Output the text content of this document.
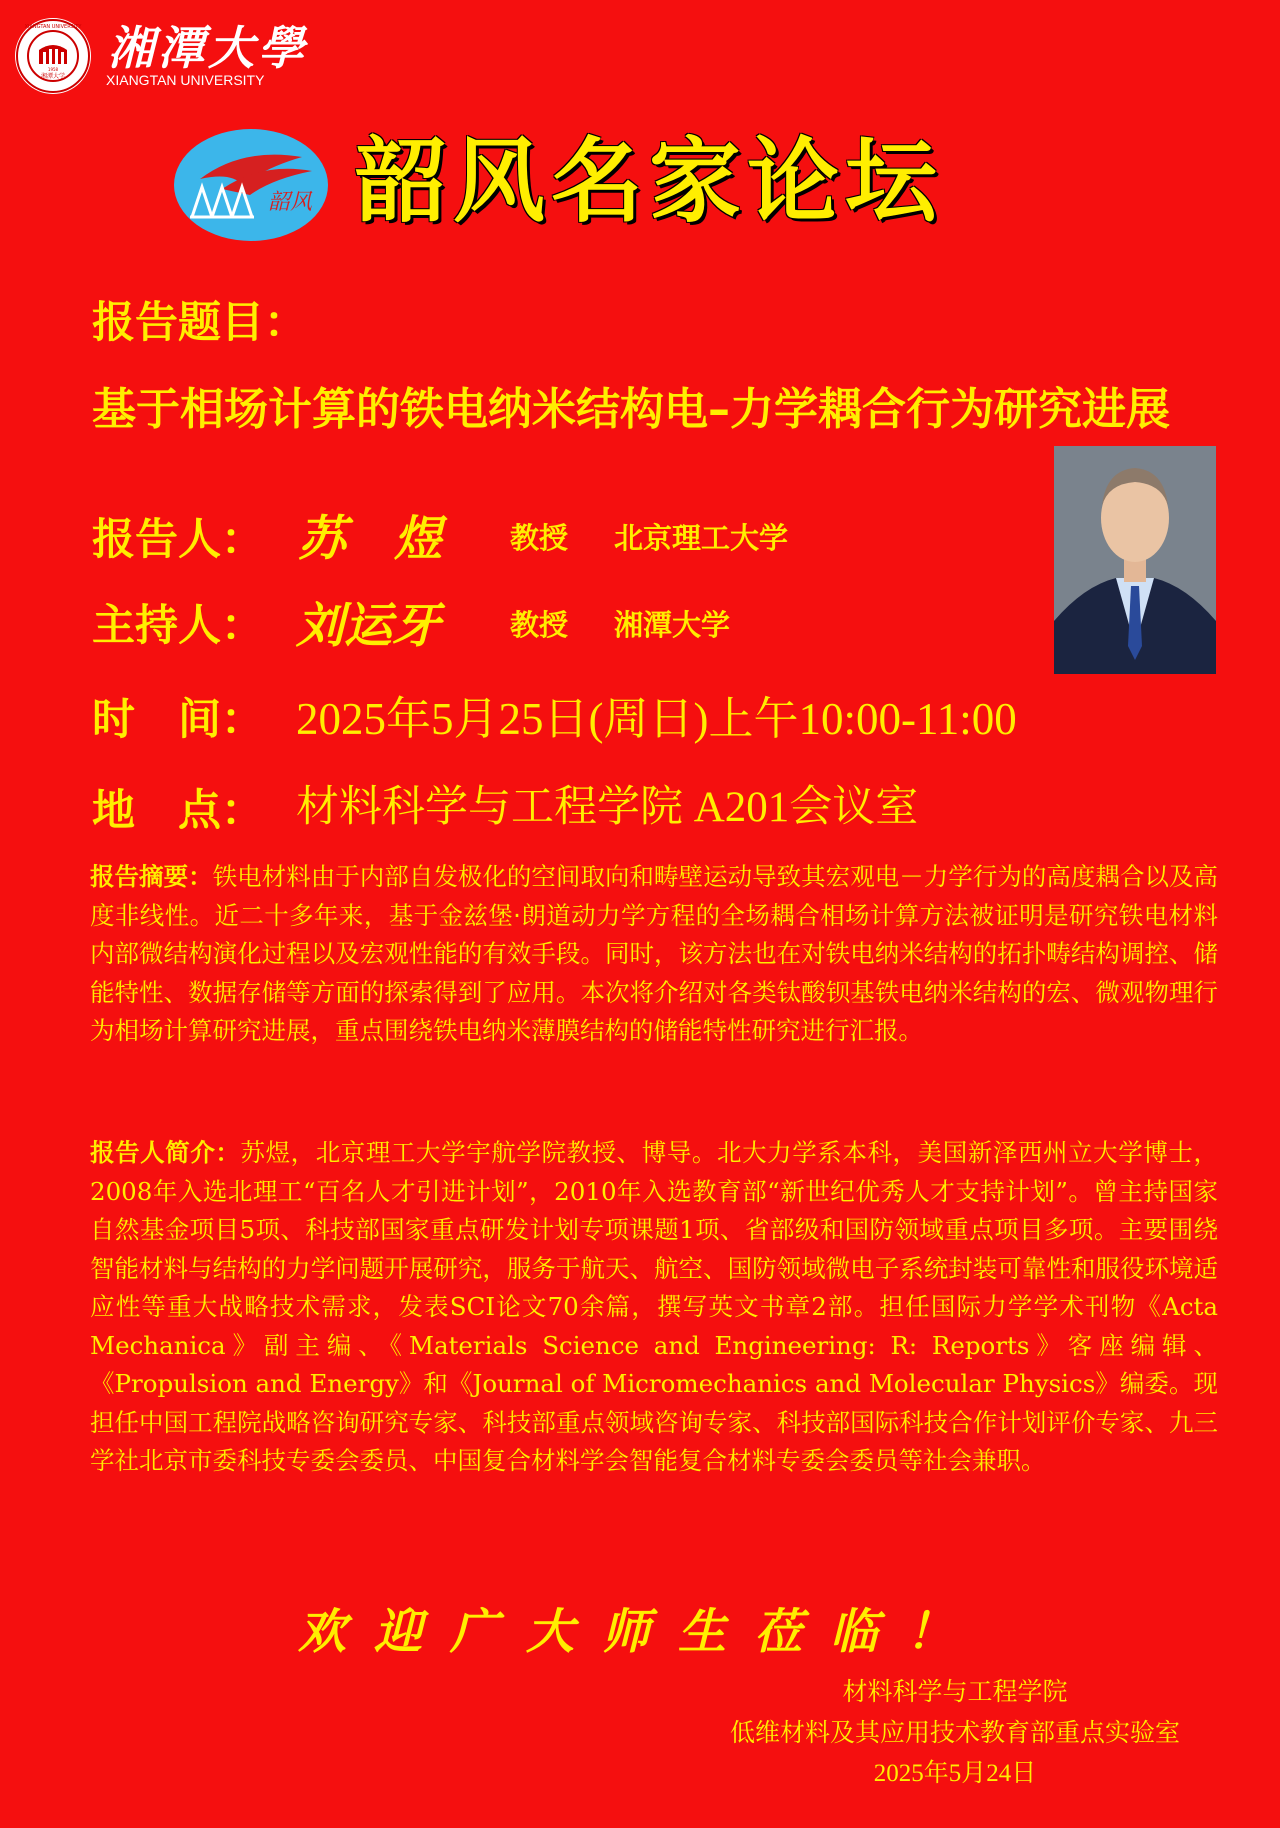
湘潭大学
XIANGTAN UNIVERSITY
1958 湘潭大學
XIANGTAN UNIVERSITY
韶风 韶风名家论坛
报告题目：
基于相场计算的铁电纳米结构电–力学耦合行为研究进展
报告人： 苏　煜 教授 北京理工大学
主持人： 刘运牙 教授 湘潭大学
时　间： 2025年5月25日(周日)上午10:00-11:00
地　点： 材料科学与工程学院 A201会议室
报告摘要：铁电材料由于内部自发极化的空间取向和畴壁运动导致其宏观电－力学行为的高度耦合以及高度非线性。近二十多年来，基于金兹堡·朗道动力学方程的全场耦合相场计算方法被证明是研究铁电材料内部微结构演化过程以及宏观性能的有效手段。同时，该方法也在对铁电纳米结构的拓扑畴结构调控、储能特性、数据存储等方面的探索得到了应用。本次将介绍对各类钛酸钡基铁电纳米结构的宏、微观物理行为相场计算研究进展，重点围绕铁电纳米薄膜结构的储能特性研究进行汇报。
报告人简介：苏煜，北京理工大学宇航学院教授、博导。北大力学系本科，美国新泽西州立大学博士，2008年入选北理工“百名人才引进计划”，2010年入选教育部“新世纪优秀人才支持计划”。曾主持国家自然基金项目5项、科技部国家重点研发计划专项课题1项、省部级和国防领域重点项目多项。主要围绕智能材料与结构的力学问题开展研究，服务于航天、航空、国防领域微电子系统封装可靠性和服役环境适应性等重大战略技术需求，发表SCI论文70余篇，撰写英文书章2部。担任国际力学学术刊物《Acta Mechanica》副主编、《Materials Science and Engineering: R: Reports》客座编辑、《Propulsion and Energy》和《Journal of Micromechanics and Molecular Physics》编委。现担任中国工程院战略咨询研究专家、科技部重点领域咨询专家、科技部国际科技合作计划评价专家、九三学社北京市委科技专委会委员、中国复合材料学会智能复合材料专委会委员等社会兼职。
欢迎广大师生莅临！
材料科学与工程学院
低维材料及其应用技术教育部重点实验室
2025年5月24日
